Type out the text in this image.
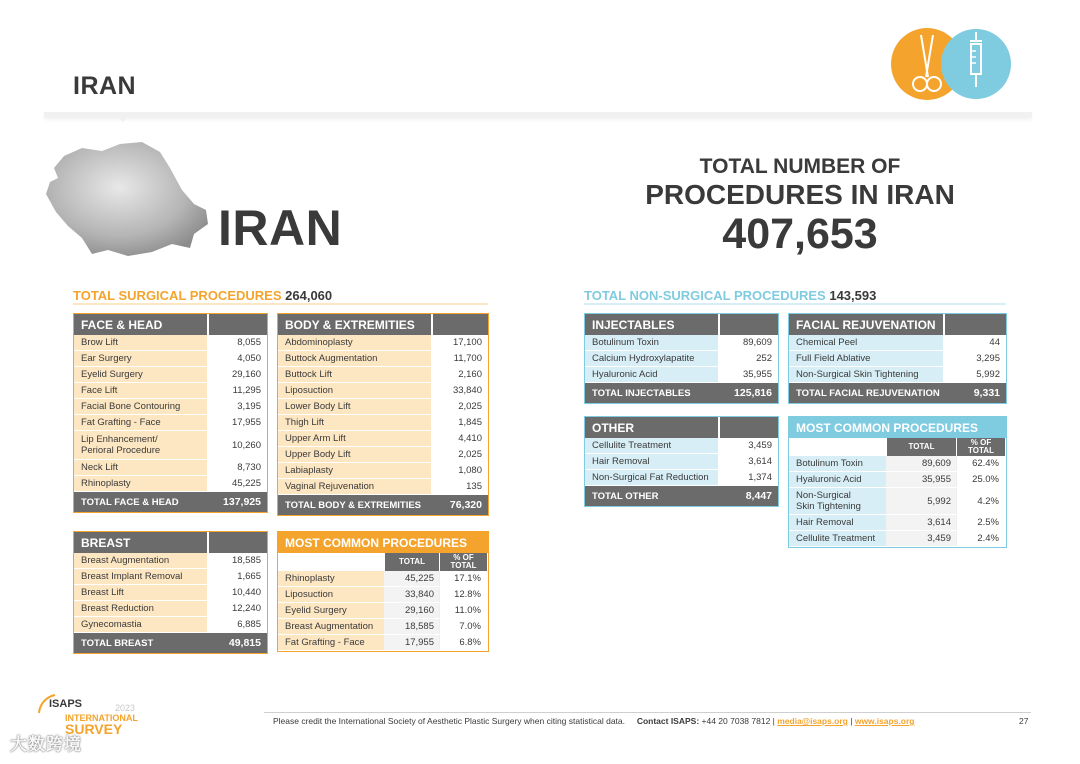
IRAN
IRAN
TOTAL NUMBER OF
PROCEDURES IN IRAN
407,653
TOTAL SURGICAL PROCEDURES 264,060
FACE & HEAD
Brow Lift	8,055
Ear Surgery	4,050
Eyelid Surgery	29,160
Face Lift	11,295
Facial Bone Contouring	3,195
Fat Grafting - Face	17,955
Lip Enhancement/
Perioral Procedure	10,260
Neck Lift	8,730
Rhinoplasty	45,225
TOTAL FACE & HEAD	137,925
BODY & EXTREMITIES
Abdominoplasty	17,100
Buttock Augmentation	11,700
Buttock Lift	2,160
Liposuction	33,840
Lower Body Lift	2,025
Thigh Lift	1,845
Upper Arm Lift	4,410
Upper Body Lift	2,025
Labiaplasty	1,080
Vaginal Rejuvenation	135
TOTAL BODY & EXTREMITIES	76,320
BREAST
Breast Augmentation	18,585
Breast Implant Removal	1,665
Breast Lift	10,440
Breast Reduction	12,240
Gynecomastia	6,885
TOTAL BREAST	49,815
MOST COMMON PROCEDURES
TOTAL	% OF
TOTAL
Rhinoplasty	45,225	17.1%
Liposuction	33,840	12.8%
Eyelid Surgery	29,160	11.0%
Breast Augmentation	18,585	7.0%
Fat Grafting - Face	17,955	6.8%
TOTAL NON-SURGICAL PROCEDURES 143,593
INJECTABLES
Botulinum Toxin	89,609
Calcium Hydroxylapatite	252
Hyaluronic Acid	35,955
TOTAL INJECTABLES	125,816
FACIAL REJUVENATION
Chemical Peel	44
Full Field Ablative	3,295
Non-Surgical Skin Tightening	5,992
TOTAL FACIAL REJUVENATION	9,331
OTHER
Cellulite Treatment	3,459
Hair Removal	3,614
Non-Surgical Fat Reduction	1,374
TOTAL OTHER	8,447
MOST COMMON PROCEDURES
TOTAL	% OF
TOTAL
Botulinum Toxin	89,609	62.4%
Hyaluronic Acid	35,955	25.0%
Non-Surgical
Skin Tightening	5,992	4.2%
Hair Removal	3,614	2.5%
Cellulite Treatment	3,459	2.4%
ISAPS	2023
INTERNATIONAL
SURVEY
大数跨境
Please credit the International Society of Aesthetic Plastic Surgery when citing statistical data. Contact ISAPS: +44 20 7038 7812 | media@isaps.org | www.isaps.org	27
